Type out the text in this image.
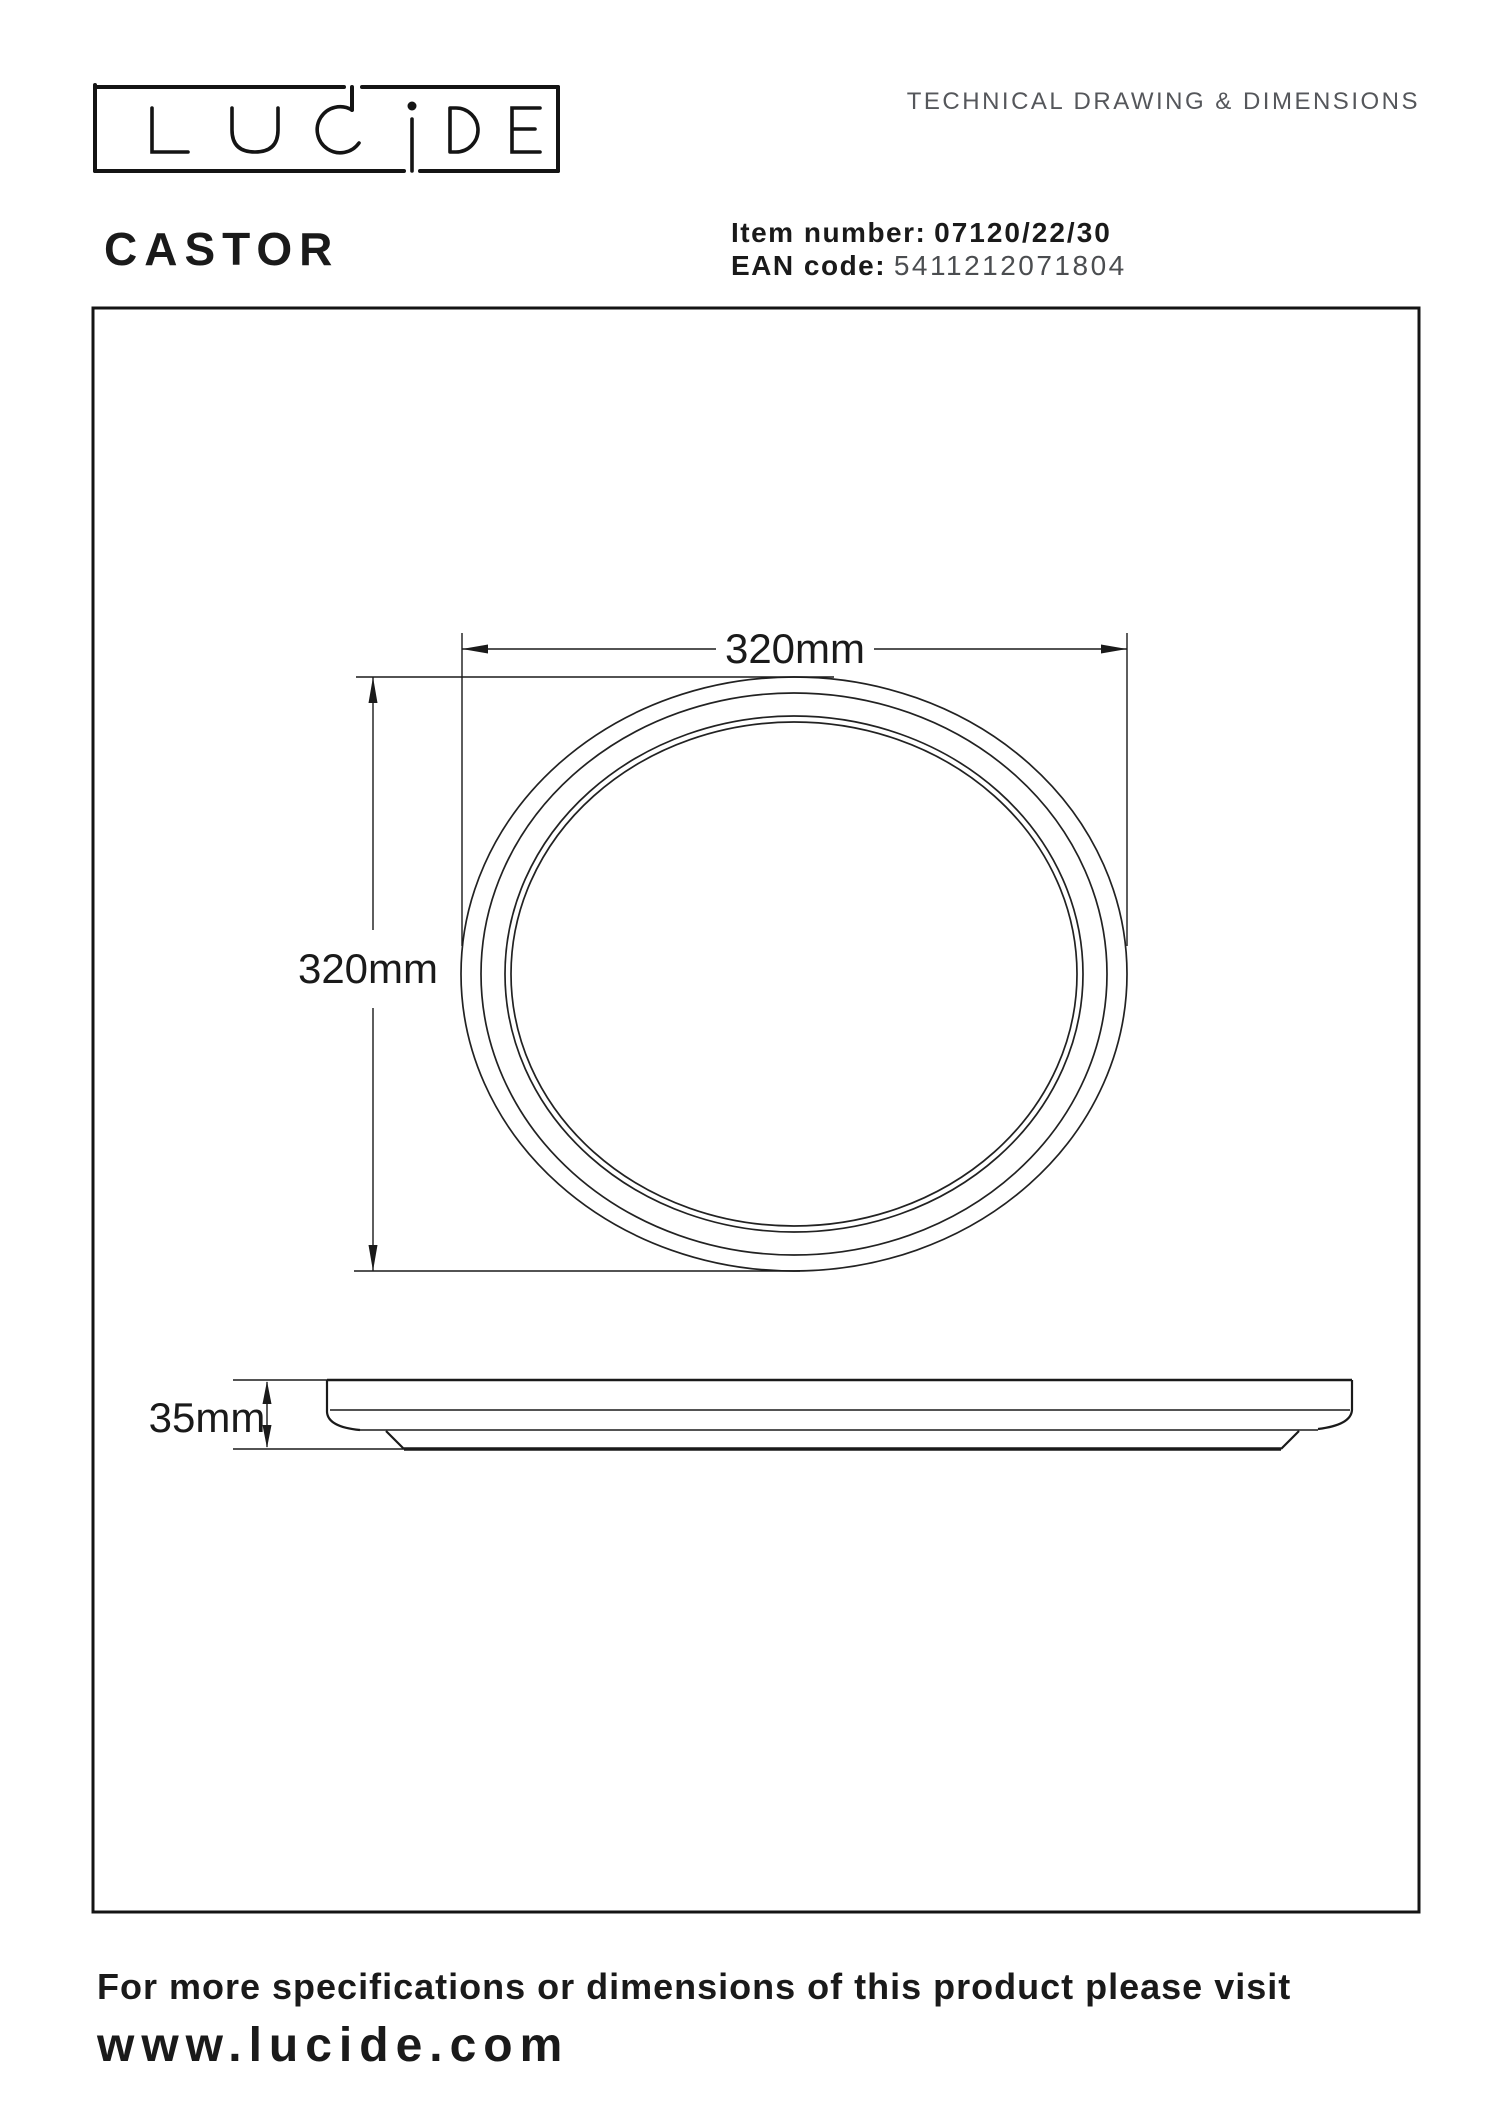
320mm
320mm
35mm
TECHNICAL DRAWING & DIMENSIONS
CASTOR	Item number: 07120/22/30
EAN code: 5411212071804
For more specifications or dimensions of this product please visit
www.lucide.com
